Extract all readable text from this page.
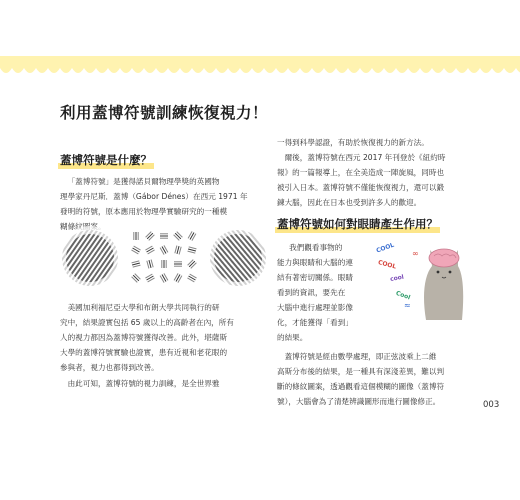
利用蓋博符號訓練恢復視力！
蓋博符號是什麼？
「蓋博符號」是獲得諾貝爾物理學獎的英國物
理學家丹尼斯．蓋博（Gábor Dénes）在西元 1971 年
發明的符號，原本應用於物理學實驗研究的一種模
糊條紋圖案。
美國加利福尼亞大學和布朗大學共同執行的研
究中，結果證實包括 65 歲以上的高齡者在內，所有
人的視力都因為蓋博符號獲得改善。此外，堪薩斯
大學的蓋博符號實驗也證實，患有近視和老花眼的
參與者，視力也都得到改善。
由此可知，蓋博符號的視力訓練，是全世界雅
一得到科學認證，有助於恢復視力的新方法。
爾後，蓋博符號在西元 2017 年刊登於《紐約時
報》的一篇報導上，在全美造成一陣旋風，同時也
被引入日本。蓋博符號不僅能恢復視力，還可以鍛
鍊大腦，因此在日本也受到許多人的歡迎。
蓋博符號如何對眼睛產生作用？
我們觀看事物的
能力與眼睛和大腦的連
結有著密切關係。眼睛
看到的資訊，要先在
大腦中進行處理並影像
化，才能獲得「看到」
的結果。
COOL
COOL
cool
Cool
∞
≈
蓋博符號是經由數學處理，即正弦波乘上二維
高斯分布後的結果，是一種具有深淺差異，難以判
斷的條紋圖案，透過觀看這個模糊的圖像（蓋博符
號），大腦會為了清楚辨識圖形而進行圖像修正。	003
